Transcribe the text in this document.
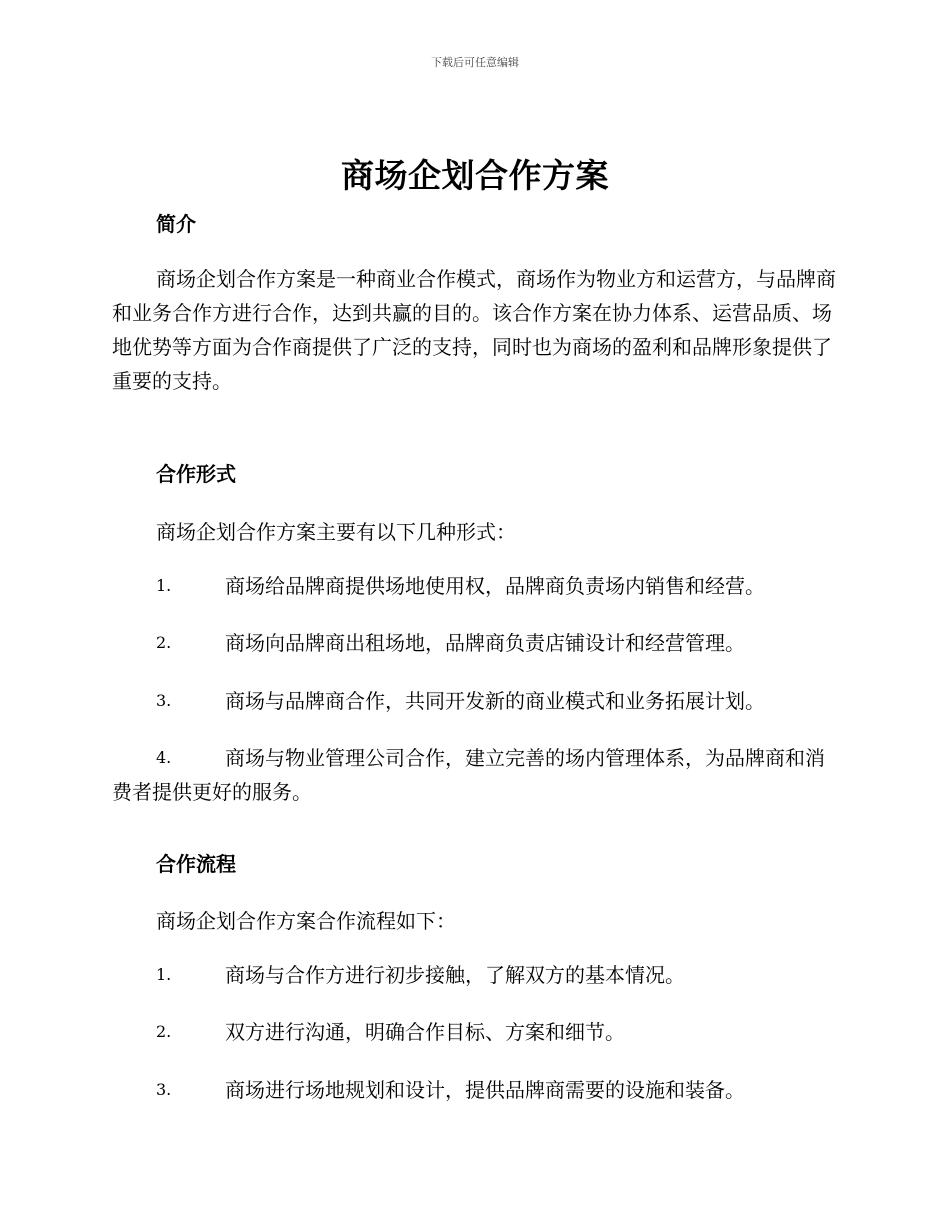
下载后可任意编辑
商场企划合作方案
简介

商场企划合作方案是一种商业合作模式，商场作为物业方和运营方，与品牌商和业务合作方进行合作，达到共赢的目的。该合作方案在协力体系、运营品质、场地优势等方面为合作商提供了广泛的支持，同时也为商场的盈利和品牌形象提供了重要的支持。

合作形式

商场企划合作方案主要有以下几种形式：

1.	商场给品牌商提供场地使用权，品牌商负责场内销售和经营。
2.	商场向品牌商出租场地，品牌商负责店铺设计和经营管理。
3.	商场与品牌商合作，共同开发新的商业模式和业务拓展计划。
4.	商场与物业管理公司合作，建立完善的场内管理体系，为品牌商和消费者提供更好的服务。
合作流程

商场企划合作方案合作流程如下：

1.	商场与合作方进行初步接触，了解双方的基本情况。
2.	双方进行沟通，明确合作目标、方案和细节。
3.	商场进行场地规划和设计，提供品牌商需要的设施和装备。
